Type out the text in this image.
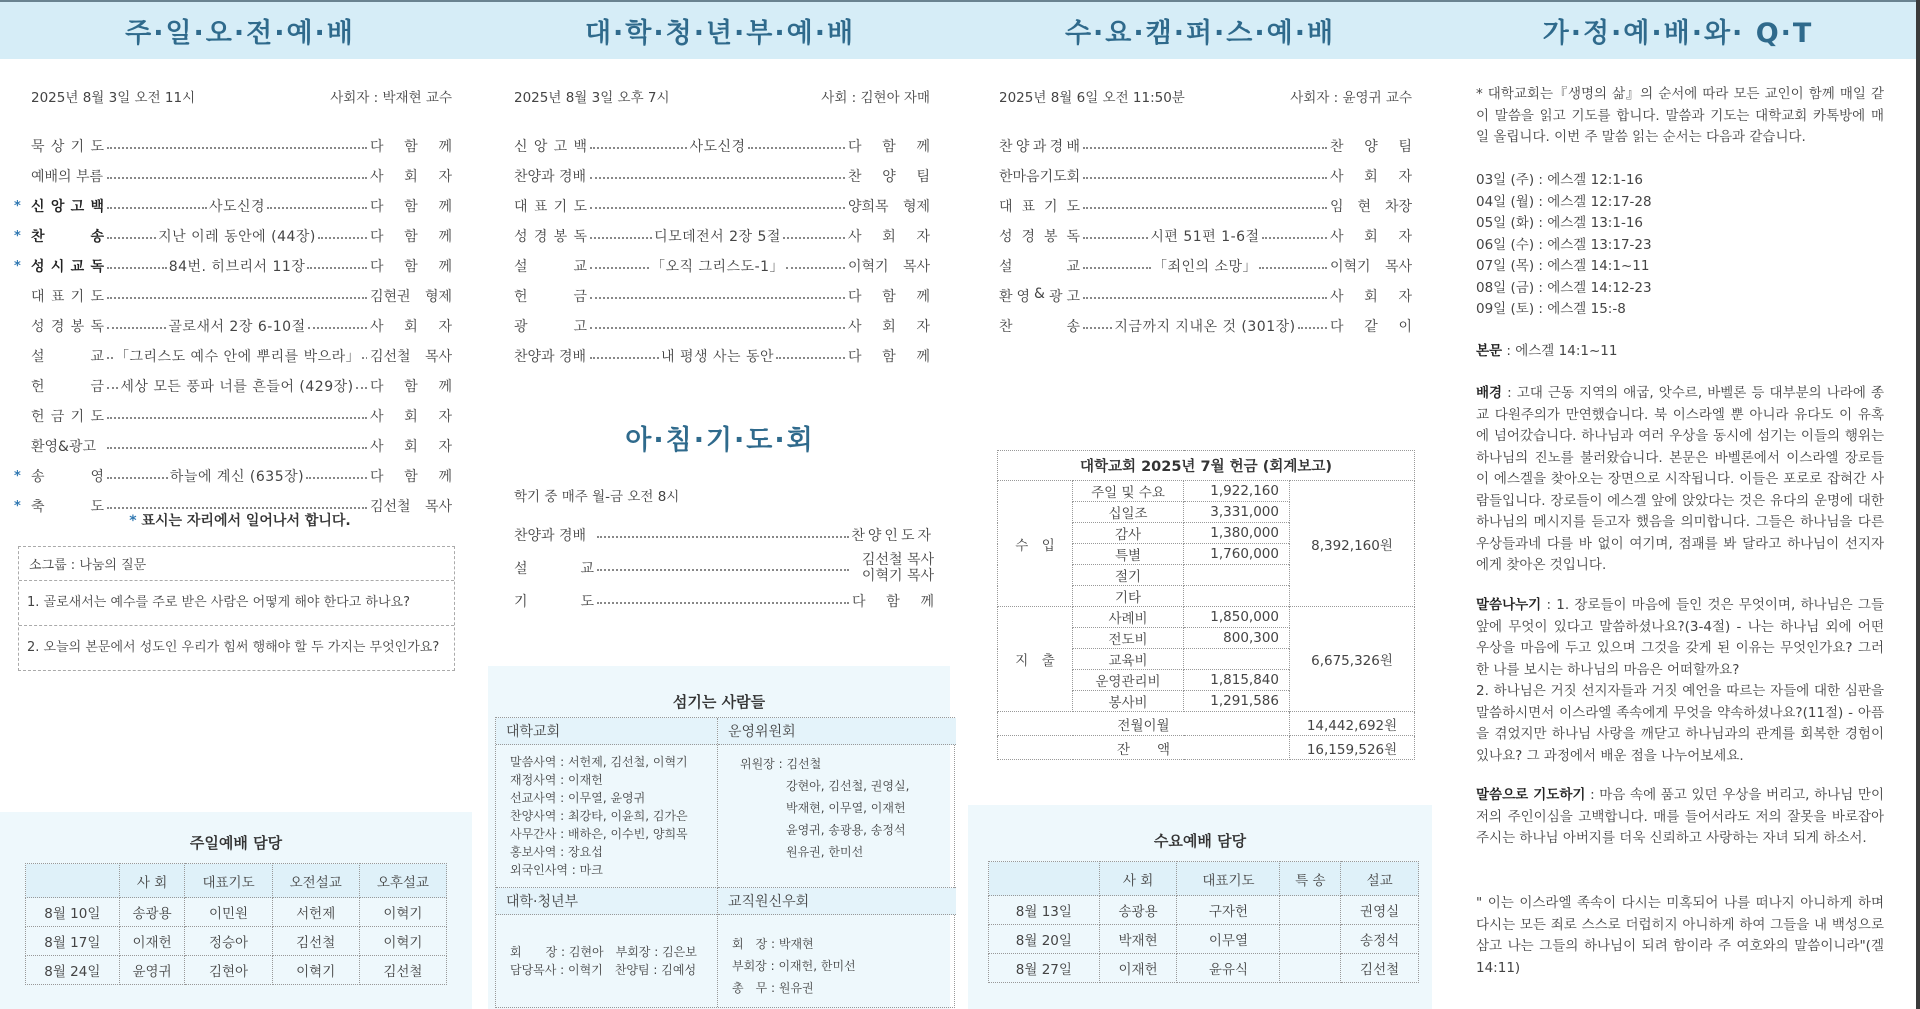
주·일·오·전·예·배
2025년 8월 3일 오전 11시	사회자 : 박재현 교수
묵 상 기 도	다 함 께
예배의 부름	사 회 자
* 신 앙 고 백	사도신경	다 함 께
* 찬	송	지난 이레 동안에 (44장)	다 함 께
* 성 시 교 독	84번. 히브리서 11장	다 함 께
대 표 기 도	김현권 형제
성 경 봉 독	골로새서 2장 6-10절	사 회 자
설	교 「그리스도 예수 안에 뿌리를 박으라」 김선철 목사
헌	금 세상 모든 풍파 너를 흔들어 (429장) 다 함 께
헌 금 기 도	사 회 자
환영&광고	사 회 자
* 송	영	하늘에 계신 (635장)	다 함 께
* 축	도	김선철 목사
* 표시는 자리에서 일어나서 합니다.
소그룹 : 나눔의 질문
1. 골로새서는 예수를 주로 받은 사람은 어떻게 해야 한다고 하나요?
2. 오늘의 본문에서 성도인 우리가 힘써 행해야 할 두 가지는 무엇인가요?
주일예배 담당
	사 회	대표기도	오전설교	오후설교
8월 10일	송광용	이민원	서헌제	이혁기
8월 17일	이재헌	정승아	김선철	이혁기
8월 24일	윤영귀	김현아	이혁기	김선철
대·학·청·년·부·예·배
2025년 8월 3일 오후 7시	사회 : 김현아 자매
신 앙 고 백	사도신경	다 함 께
찬양과 경배	찬 양 팀
대 표 기 도	양희목 형제
성 경 봉 독	디모데전서 2장 5절	사 회 자
설	교	「오직 그리스도-1」	이혁기 목사
헌	금	다 함 께
광	고	사 회 자
찬양과 경배	내 평생 사는 동안	다 함 께
아·침·기·도·회
학기 중 매주 월-금 오전 8시
찬양과 경배	찬양인도자
설	교
김선철 목사
이혁기 목사
기	도	다 함 께
섬기는 사람들
대학교회
말씀사역 : 서헌제, 김선철, 이혁기
재정사역 : 이재헌
선교사역 : 이무열, 윤영귀
찬양사역 : 최강타, 이윤희, 김가은
사무간사 : 배하은, 이수빈, 양희목
홍보사역 : 장요섭
외국인사역 : 마크
운영위원회
위원장 : 김선철
강현아, 김선철, 권영실,
박재현, 이무열, 이재헌
윤영귀, 송광용, 송정석
원유권, 한미선
대학·청년부
회　　장 : 김현아　부회장 : 김은보
담당목사 : 이혁기　찬양팀 : 김예성
교직원신우회
회　장 : 박재현
부회장 : 이재헌, 한미선
총　무 : 원유권
수·요·캠·퍼·스·예·배
2025년 8월 6일 오전 11:50분	사회자 : 윤영귀 교수
찬 양 과 경 배	찬 양 팀
한마음기도회	사 회 자
대 표 기 도	임 현 차장
성 경 봉 독	시편 51편 1-6절	사 회 자
설	교	「죄인의 소망」	이혁기 목사
환 영 & 광 고	사 회 자
찬	송 지금까지 지내온 것 (301장) 다 같 이
수요예배 담당
	사 회	대표기도	특 송	설교
8월 13일	송광용	구자헌		권영실
8월 20일	박재현	이무열		송정석
8월 27일	이재헌	윤유식		김선철
대학교회 2025년 7월 헌금 (회계보고)			
수　입	주일 및 수요	1,922,160	8,392,160원
	십일조	3,331,000	
	감사	1,380,000	
	특별	1,760,000	
	절기		
	기타		
지　출	사례비	1,850,000	6,675,326원
	전도비	800,300	
	교육비		
	운영관리비	1,815,840	
	봉사비	1,291,586	
전월이월			14,442,692원
잔　　액			16,159,526원
가·정·예·배·와· Q·T
* 대학교회는『생명의 삶』의 순서에 따라 모든 교인이 함께 매일 같이 말씀을 읽고 기도를 합니다. 말씀과 기도는 대학교회 카톡방에 매일 올립니다. 이번 주 말씀 읽는 순서는 다음과 같습니다.
03일 (주) : 에스겔 12:1-16
04일 (월) : 에스겔 12:17-28
05일 (화) : 에스겔 13:1-16
06일 (수) : 에스겔 13:17-23
07일 (목) : 에스겔 14:1~11
08일 (금) : 에스겔 14:12-23
09일 (토) : 에스겔 15:-8
본문 : 에스겔 14:1~11
배경 : 고대 근동 지역의 애굽, 앗수르, 바벨론 등 대부분의 나라에 종교 다원주의가 만연했습니다. 북 이스라엘 뿐 아니라 유다도 이 유혹에 넘어갔습니다. 하나님과 여러 우상을 동시에 섬기는 이들의 행위는 하나님의 진노를 불러왔습니다. 본문은 바벨론에서 이스라엘 장로들이 에스겔을 찾아오는 장면으로 시작됩니다. 이들은 포로로 잡혀간 사람들입니다. 장로들이 에스겔 앞에 앉았다는 것은 유다의 운명에 대한 하나님의 메시지를 듣고자 했음을 의미합니다. 그들은 하나님을 다른 우상들과네 다를 바 없이 여기며, 점괘를 봐 달라고 하나님이 선지자에게 찾아온 것입니다.
말씀나누기 : 1. 장로들이 마음에 들인 것은 무엇이며, 하나님은 그들 앞에 무엇이 있다고 말씀하셨나요?(3-4절) - 나는 하나님 외에 어떤 우상을 마음에 두고 있으며 그것을 갖게 된 이유는 무엇인가요? 그러한 나를 보시는 하나님의 마음은 어떠할까요?
2. 하나님은 거짓 선지자들과 거짓 예언을 따르는 자들에 대한 심판을 말씀하시면서 이스라엘 족속에게 무엇을 약속하셨나요?(11절) - 아픔을 겪었지만 하나님 사랑을 깨닫고 하나님과의 관계를 회복한 경험이 있나요? 그 과정에서 배운 점을 나누어보세요.
말씀으로 기도하기 : 마음 속에 품고 있던 우상을 버리고, 하나님 만이 저의 주인이심을 고백합니다. 매를 들어서라도 저의 잘못을 바로잡아 주시는 하나님 아버지를 더욱 신뢰하고 사랑하는 자녀 되게 하소서.
" 이는 이스라엘 족속이 다시는 미혹되어 나를 떠나지 아니하게 하며 다시는 모든 죄로 스스로 더럽히지 아니하게 하여 그들을 내 백성으로 삼고 나는 그들의 하나님이 되려 함이라 주 여호와의 말씀이니라"(겔 14:11)
